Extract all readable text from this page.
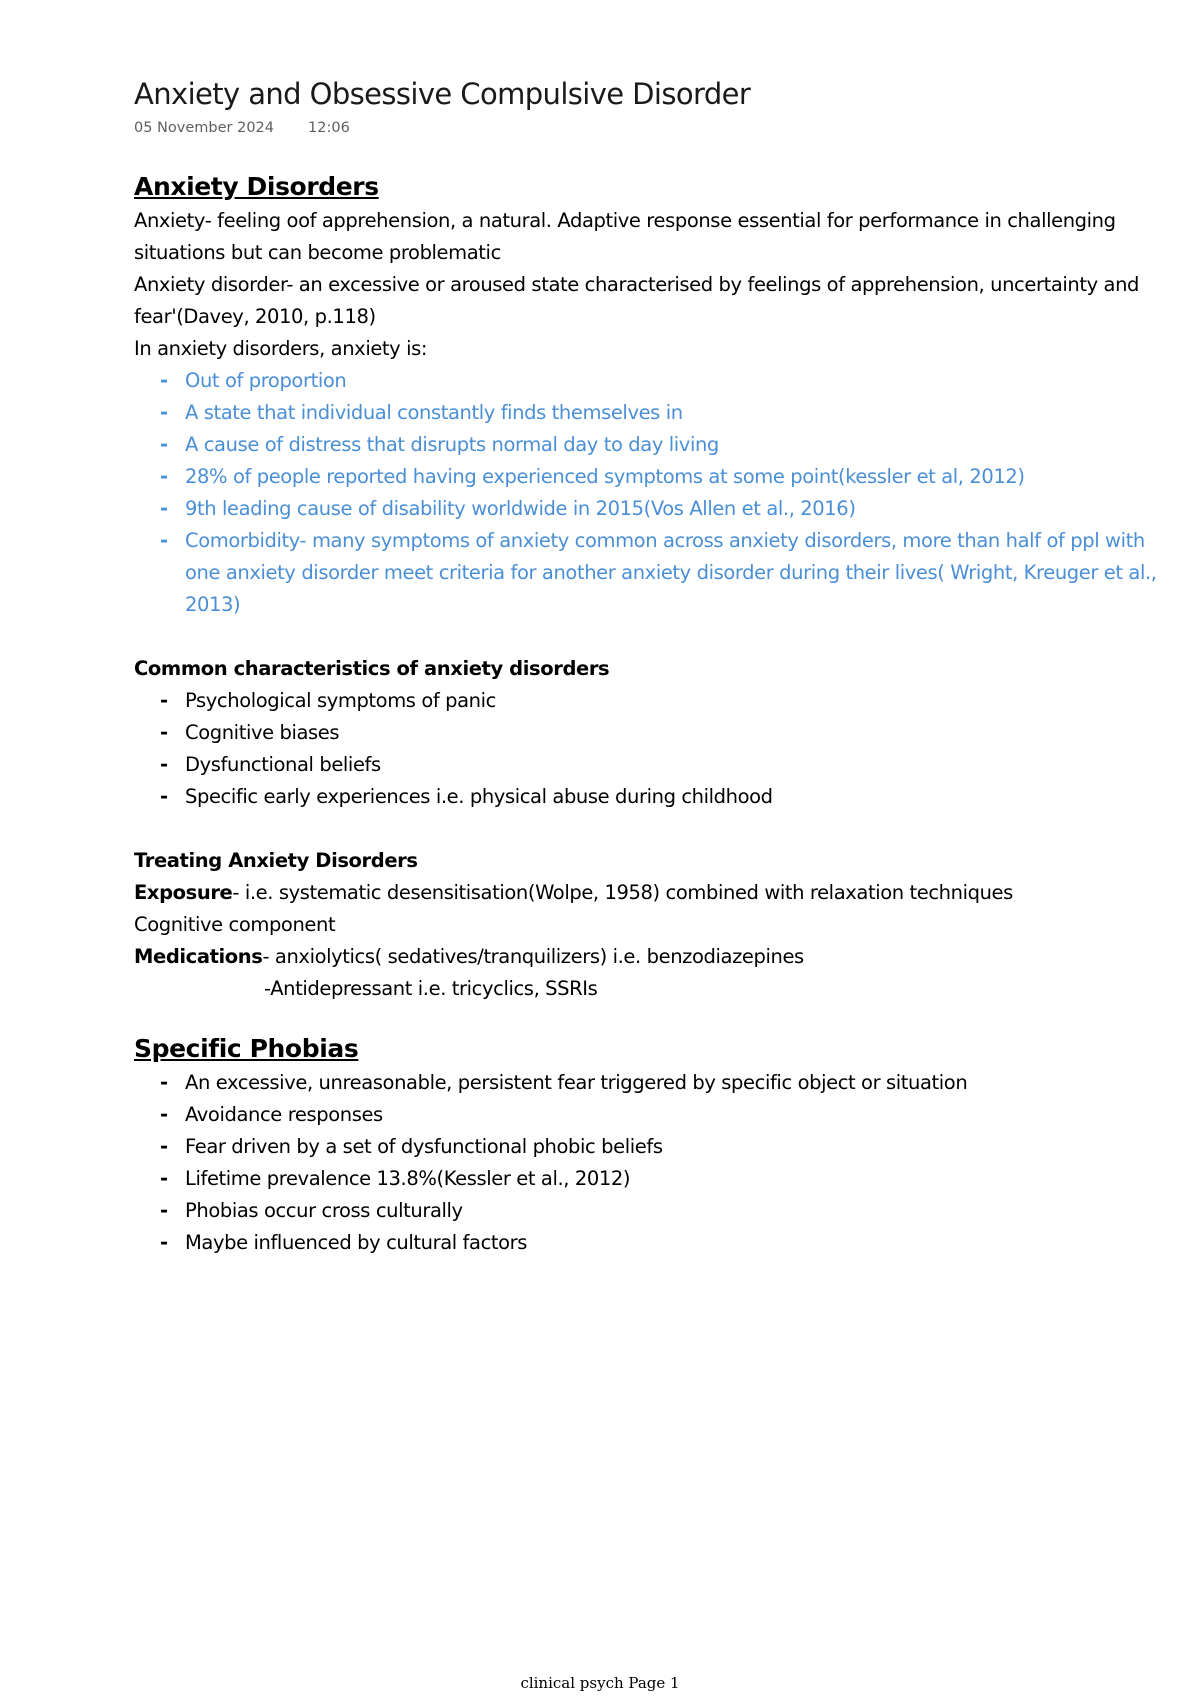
Anxiety and Obsessive Compulsive Disorder
05 November 2024 12:06
Anxiety Disorders
Anxiety- feeling oof apprehension, a natural. Adaptive response essential for performance in challenging situations but can become problematic
Anxiety disorder- an excessive or aroused state characterised by feelings of apprehension, uncertainty and fear'(Davey, 2010, p.118)
In anxiety disorders, anxiety is:
- Out of proportion
- A state that individual constantly finds themselves in
- A cause of distress that disrupts normal day to day living
- 28% of people reported having experienced symptoms at some point(kessler et al, 2012)
- 9th leading cause of disability worldwide in 2015(Vos Allen et al., 2016)
- Comorbidity- many symptoms of anxiety common across anxiety disorders, more than half of ppl with one anxiety disorder meet criteria for another anxiety disorder during their lives( Wright, Kreuger et al., 2013)
Common characteristics of anxiety disorders
- Psychological symptoms of panic
- Cognitive biases
- Dysfunctional beliefs
- Specific early experiences i.e. physical abuse during childhood
Treating Anxiety Disorders
Exposure- i.e. systematic desensitisation(Wolpe, 1958) combined with relaxation techniques
Cognitive component
Medications- anxiolytics( sedatives/tranquilizers) i.e. benzodiazepines
-Antidepressant i.e. tricyclics, SSRIs
Specific Phobias
- An excessive, unreasonable, persistent fear triggered by specific object or situation
- Avoidance responses
- Fear driven by a set of dysfunctional phobic beliefs
- Lifetime prevalence 13.8%(Kessler et al., 2012)
- Phobias occur cross culturally
- Maybe influenced by cultural factors
clinical psych Page 1
